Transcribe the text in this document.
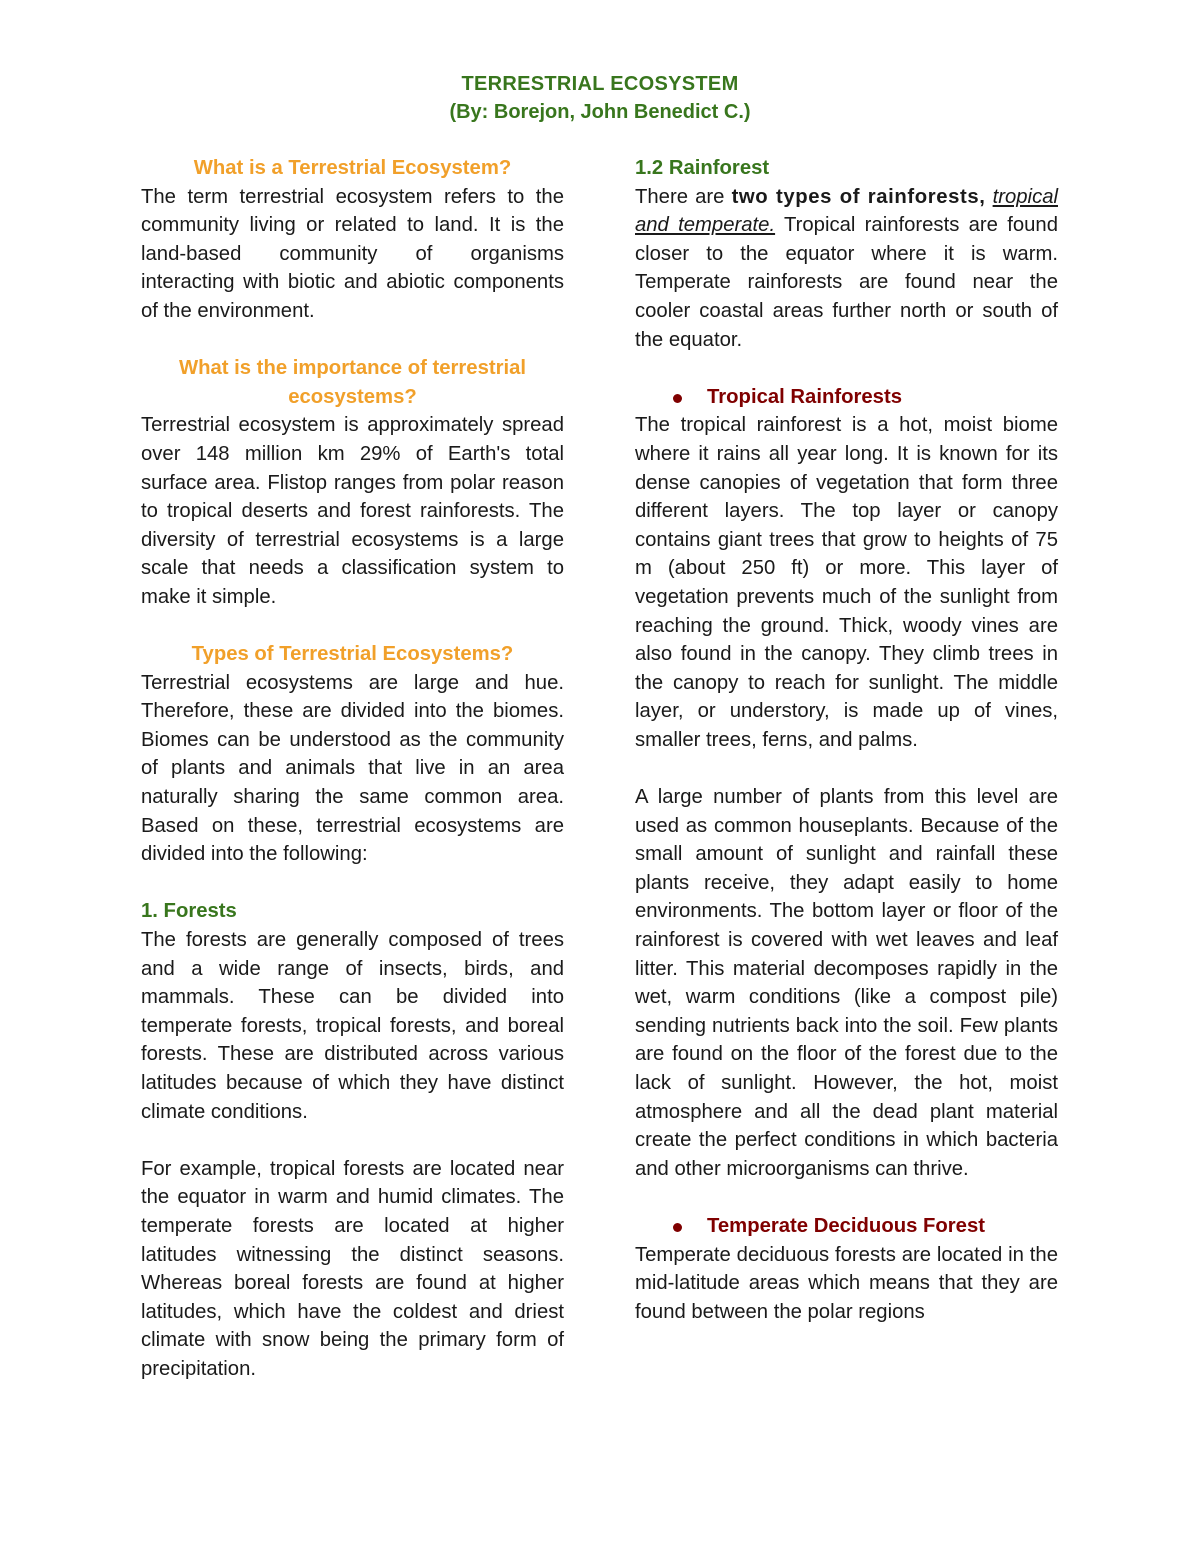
TERRESTRIAL ECOSYSTEM
(By: Borejon, John Benedict C.)

What is a Terrestrial Ecosystem?

The term terrestrial ecosystem refers to the community living or related to land. It is the land-based community of organisms interacting with biotic and abiotic components of the environment.

What is the importance of terrestrial ecosystems?

Terrestrial ecosystem is approximately spread over 148 million km 29% of Earth's total surface area. Flistop ranges from polar reason to tropical deserts and forest rainforests. The diversity of terrestrial ecosystems is a large scale that needs a classification system to make it simple.

Types of Terrestrial Ecosystems?

Terrestrial ecosystems are large and hue. Therefore, these are divided into the biomes. Biomes can be understood as the community of plants and animals that live in an area naturally sharing the same common area. Based on these, terrestrial ecosystems are divided into the following:

1. Forests

The forests are generally composed of trees and a wide range of insects, birds, and mammals. These can be divided into temperate forests, tropical forests, and boreal forests. These are distributed across various latitudes because of which they have distinct climate conditions.

For example, tropical forests are located near the equator in warm and humid climates. The temperate forests are located at higher latitudes witnessing the distinct seasons. Whereas boreal forests are found at higher latitudes, which have the coldest and driest climate with snow being the primary form of precipitation.

1.2 Rainforest

There are two types of rainforests, tropical and temperate. Tropical rainforests are found closer to the equator where it is warm. Temperate rainforests are found near the cooler coastal areas further north or south of the equator.

Tropical Rainforests

The tropical rainforest is a hot, moist biome where it rains all year long. It is known for its dense canopies of vegetation that form three different layers. The top layer or canopy contains giant trees that grow to heights of 75 m (about 250 ft) or more. This layer of vegetation prevents much of the sunlight from reaching the ground. Thick, woody vines are also found in the canopy. They climb trees in the canopy to reach for sunlight. The middle layer, or understory, is made up of vines, smaller trees, ferns, and palms.

A large number of plants from this level are used as common houseplants. Because of the small amount of sunlight and rainfall these plants receive, they adapt easily to home environments. The bottom layer or floor of the rainforest is covered with wet leaves and leaf litter. This material decomposes rapidly in the wet, warm conditions (like a compost pile) sending nutrients back into the soil. Few plants are found on the floor of the forest due to the lack of sunlight. However, the hot, moist atmosphere and all the dead plant material create the perfect conditions in which bacteria and other microorganisms can thrive.

Temperate Deciduous Forest

Temperate deciduous forests are located in the mid-latitude areas which means that they are found between the polar regions
